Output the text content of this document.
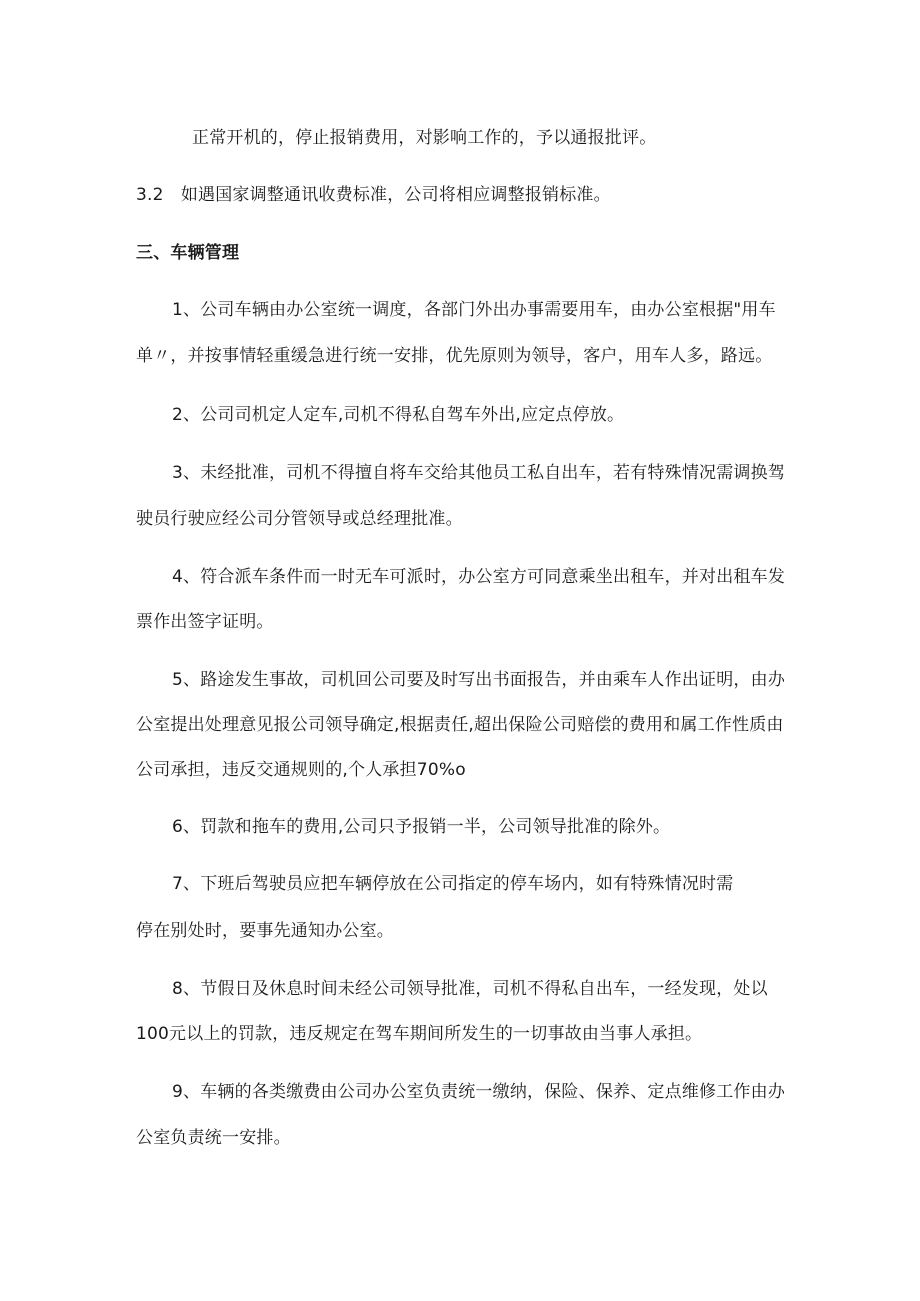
正常开机的，停止报销费用，对影响工作的，予以通报批评。
3.2　如遇国家调整通讯收费标准，公司将相应调整报销标准。
三、车辆管理
1、公司车辆由办公室统一调度，各部门外出办事需要用车，由办公室根据"用车
单〃，并按事情轻重缓急进行统一安排，优先原则为领导，客户，用车人多，路远。
2、公司司机定人定车,司机不得私自驾车外出,应定点停放。
3、未经批准，司机不得擅自将车交给其他员工私自出车，若有特殊情况需调换驾
驶员行驶应经公司分管领导或总经理批准。
4、符合派车条件而一时无车可派时，办公室方可同意乘坐出租车，并对出租车发
票作出签字证明。
5、路途发生事故，司机回公司要及时写出书面报告，并由乘车人作出证明，由办
公室提出处理意见报公司领导确定,根据责任,超出保险公司赔偿的费用和属工作性质由
公司承担，违反交通规则的,个人承担70%o
6、罚款和拖车的费用,公司只予报销一半，公司领导批准的除外。
7、下班后驾驶员应把车辆停放在公司指定的停车场内，如有特殊情况时需
停在别处时，要事先通知办公室。
8、节假日及休息时间未经公司领导批准，司机不得私自出车，一经发现，处以
100元以上的罚款，违反规定在驾车期间所发生的一切事故由当事人承担。
9、车辆的各类缴费由公司办公室负责统一缴纳，保险、保养、定点维修工作由办
公室负责统一安排。
